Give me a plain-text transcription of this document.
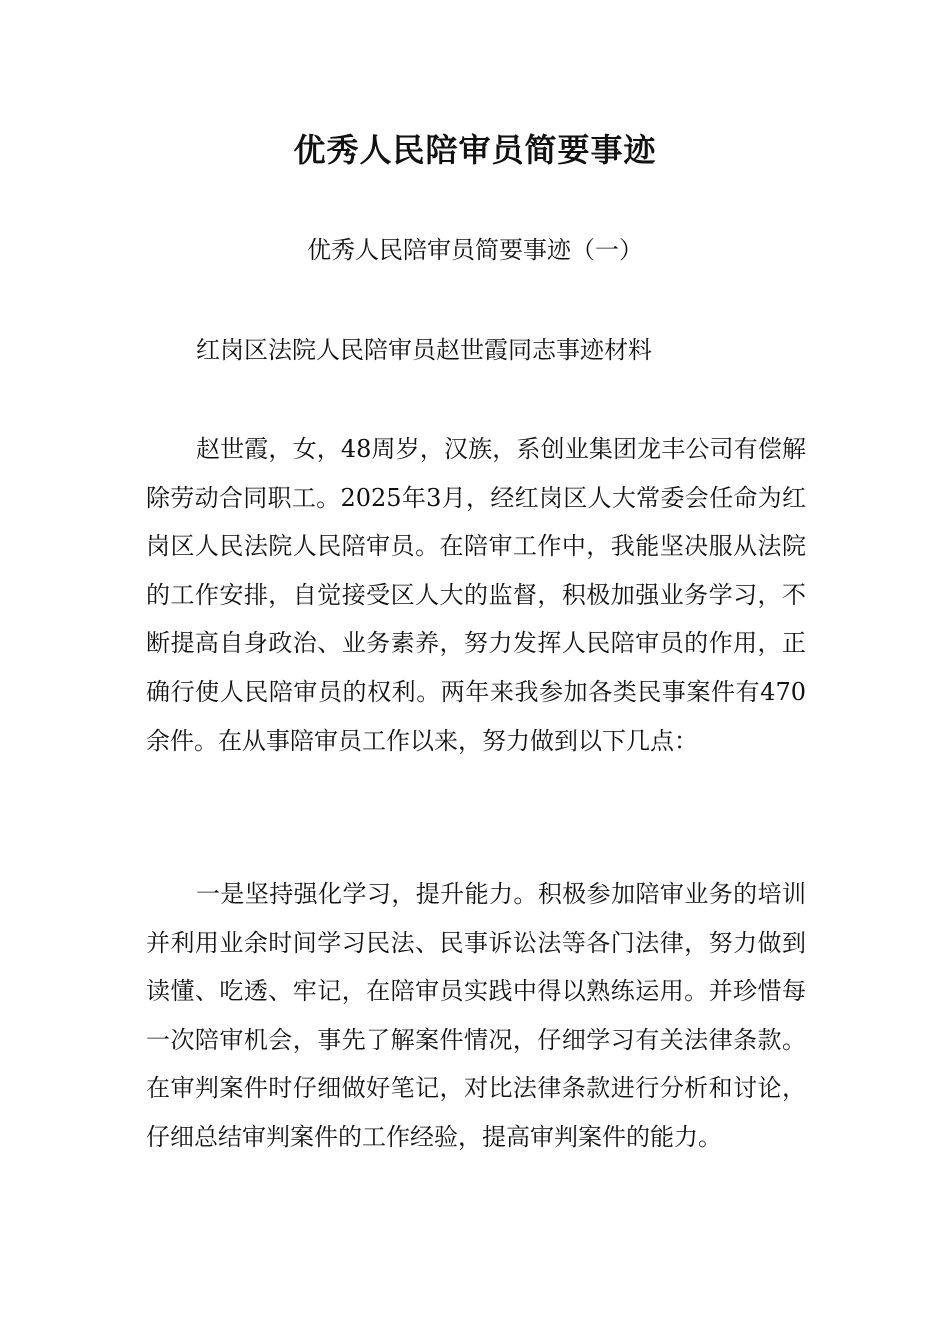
优秀人民陪审员简要事迹
优秀人民陪审员简要事迹（一）
红岗区法院人民陪审员赵世霞同志事迹材料

赵世霞，女，48周岁，汉族，系创业集团龙丰公司有偿解除劳动合同职工。2025年3月，经红岗区人大常委会任命为红岗区人民法院人民陪审员。在陪审工作中，我能坚决服从法院的工作安排，自觉接受区人大的监督，积极加强业务学习，不断提高自身政治、业务素养，努力发挥人民陪审员的作用，正确行使人民陪审员的权利。两年来我参加各类民事案件有470余件。在从事陪审员工作以来，努力做到以下几点：

一是坚持强化学习，提升能力。积极参加陪审业务的培训并利用业余时间学习民法、民事诉讼法等各门法律，努力做到读懂、吃透、牢记，在陪审员实践中得以熟练运用。并珍惜每一次陪审机会，事先了解案件情况，仔细学习有关法律条款。在审判案件时仔细做好笔记，对比法律条款进行分析和讨论，仔细总结审判案件的工作经验，提高审判案件的能力。
